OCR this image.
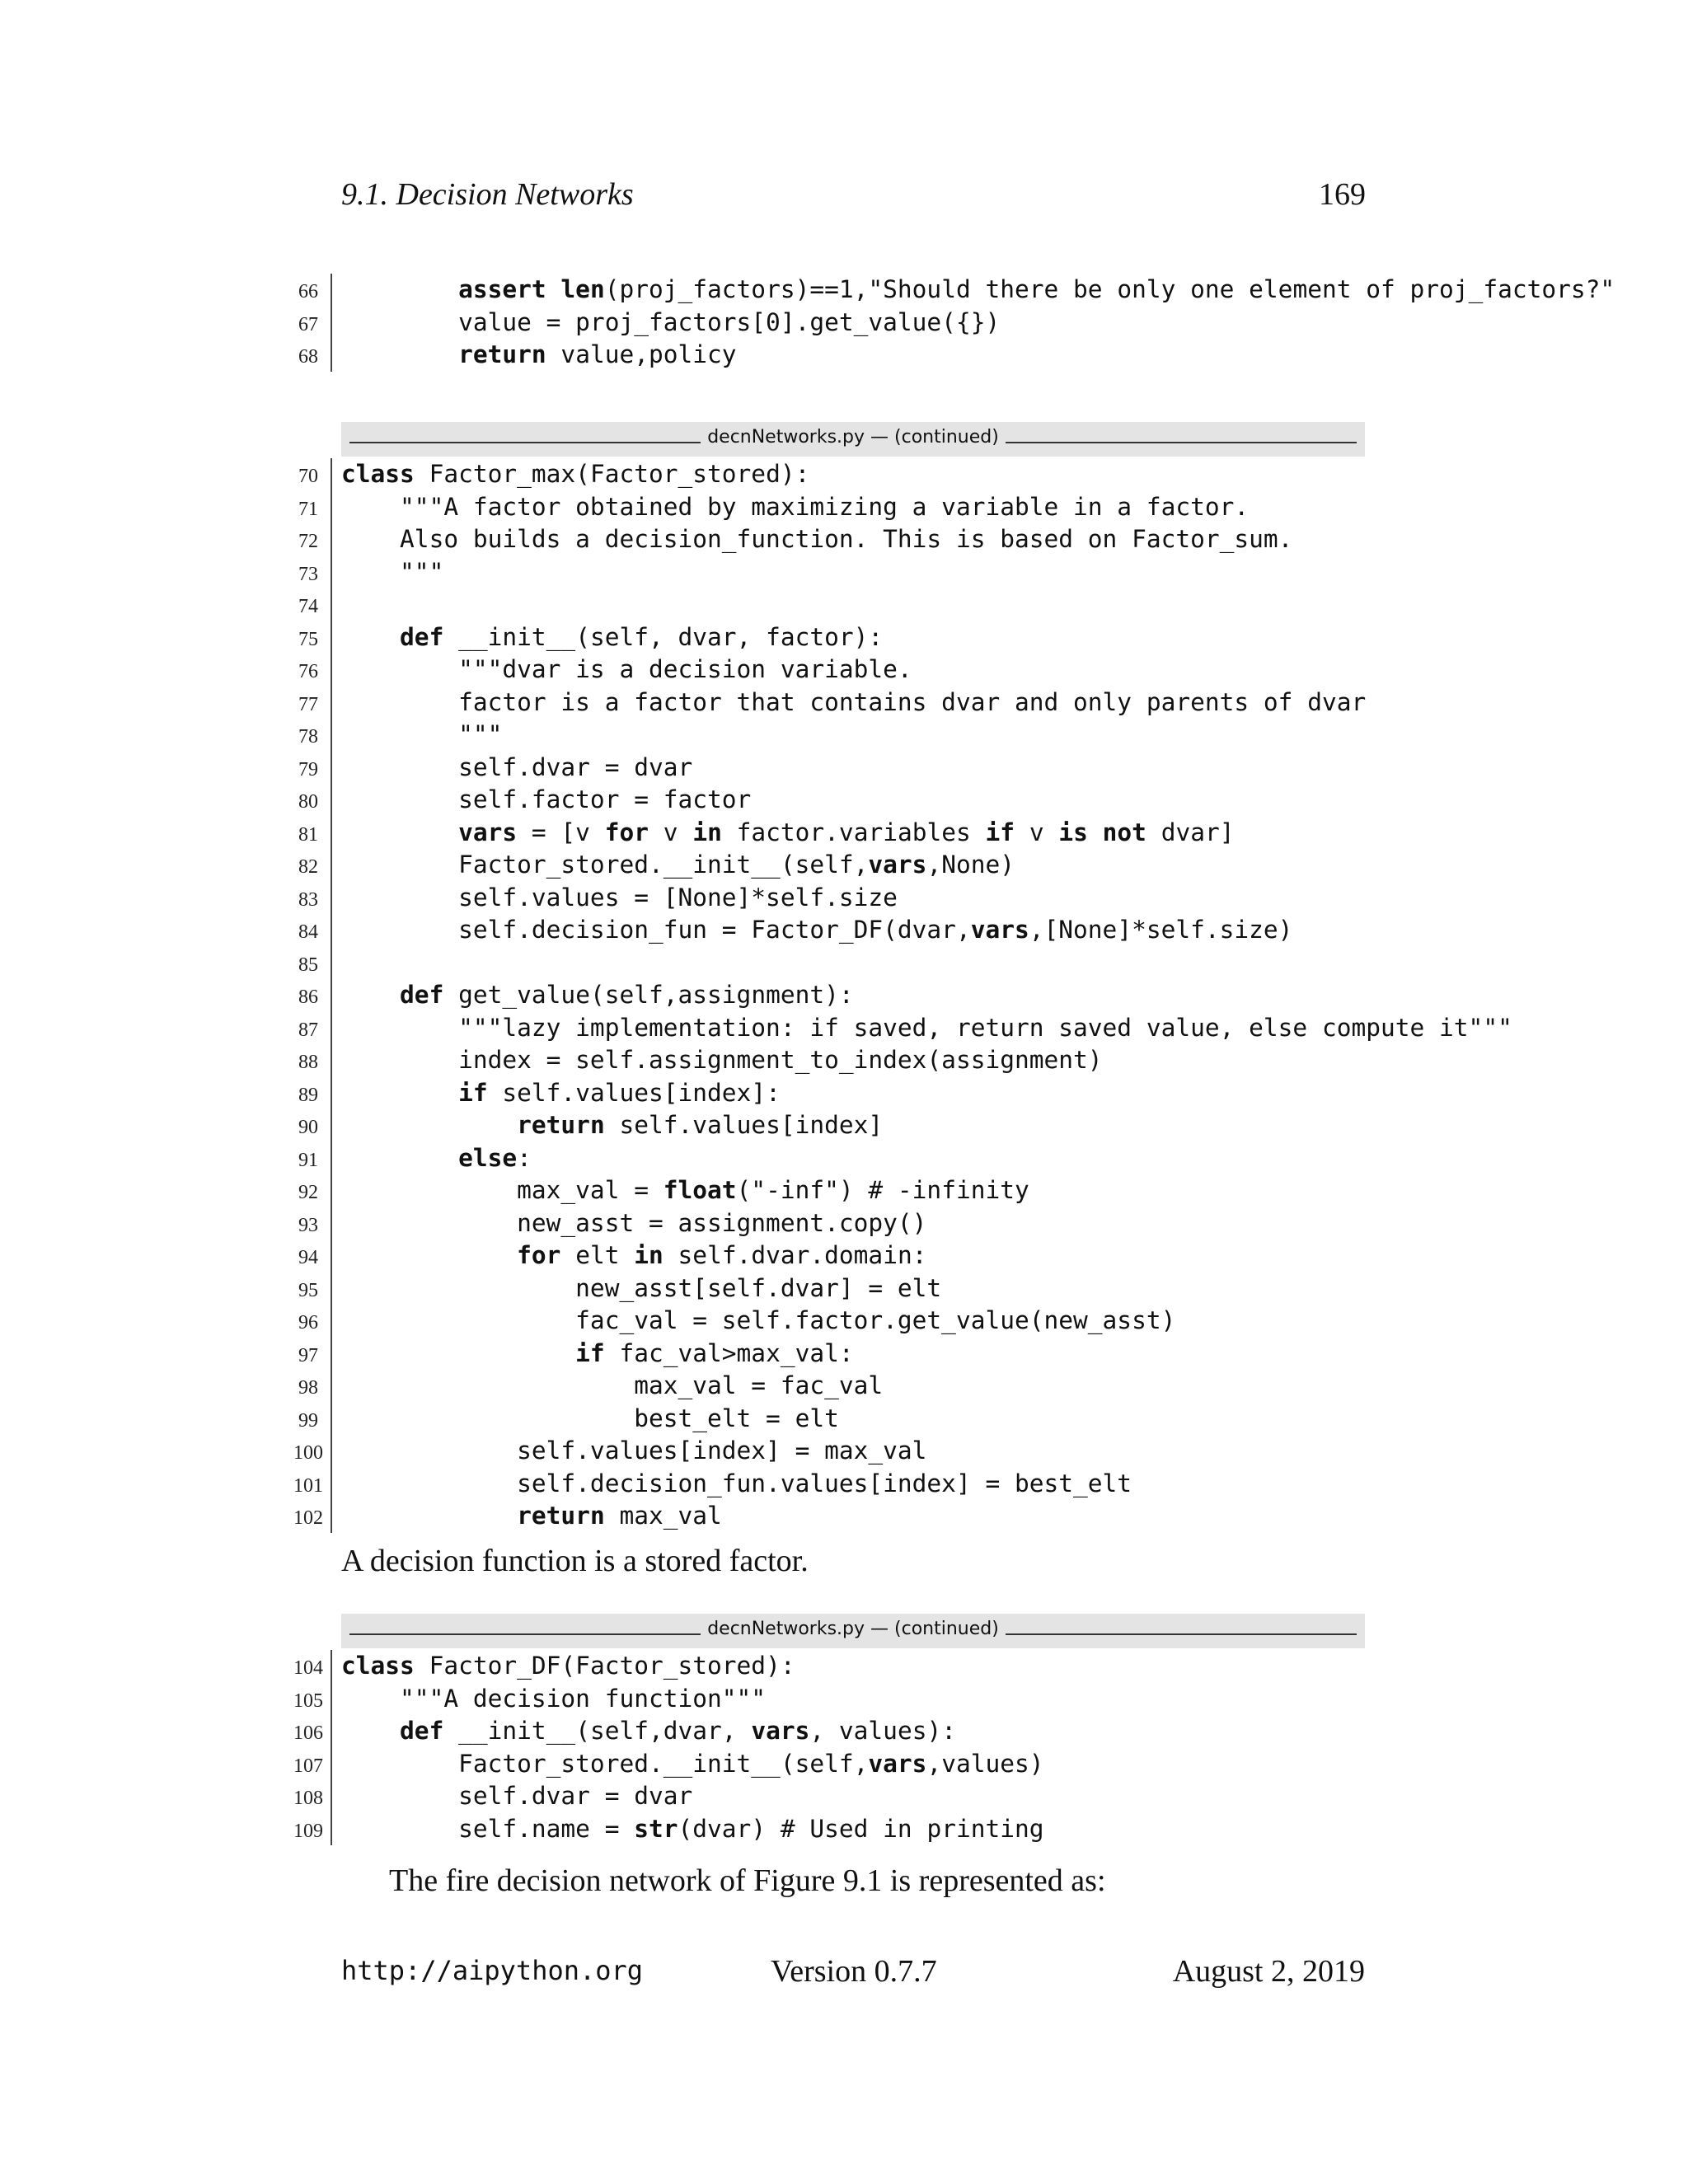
9.1. Decision Networks	169
66	assert len(proj_factors)==1,"Should there be only one element of proj_factors?"
67 value = proj_factors[0].get_value({})
68	return value,policy
decnNetworks.py — (continued)
70 class Factor_max(Factor_stored):
71 """A factor obtained by maximizing a variable in a factor.
72 Also builds a decision_function. This is based on Factor_sum.
73 """
74
75	def __init__(self, dvar, factor):
76 """dvar is a decision variable.
77 factor is a factor that contains dvar and only parents of dvar
78 """
79 self.dvar = dvar
80 self.factor = factor
81	vars = [v for v in factor.variables if v is not dvar]
82 Factor_stored.__init__(self,vars,None)
83 self.values = [None]*self.size
84 self.decision_fun = Factor_DF(dvar,vars,[None]*self.size)
85
86	def get_value(self,assignment):
87 """lazy implementation: if saved, return saved value, else compute it"""
88 index = self.assignment_to_index(assignment)
89	if self.values[index]:
90	return self.values[index]
91	else:
92 max_val = float("-inf") # -infinity
93 new_asst = assignment.copy()
94	for elt in self.dvar.domain:
95 new_asst[self.dvar] = elt
96 fac_val = self.factor.get_value(new_asst)
97	if fac_val>max_val:
98 max_val = fac_val
99 best_elt = elt
100 self.values[index] = max_val
101 self.decision_fun.values[index] = best_elt
102	return max_val
A decision function is a stored factor.
decnNetworks.py — (continued)
104 class Factor_DF(Factor_stored):
105 """A decision function"""
106	def __init__(self,dvar, vars, values):
107 Factor_stored.__init__(self,vars,values)
108 self.dvar = dvar
109 self.name = str(dvar) # Used in printing
The fire decision network of Figure 9.1 is represented as:
http://aipython.org	Version 0.7.7	August 2, 2019
